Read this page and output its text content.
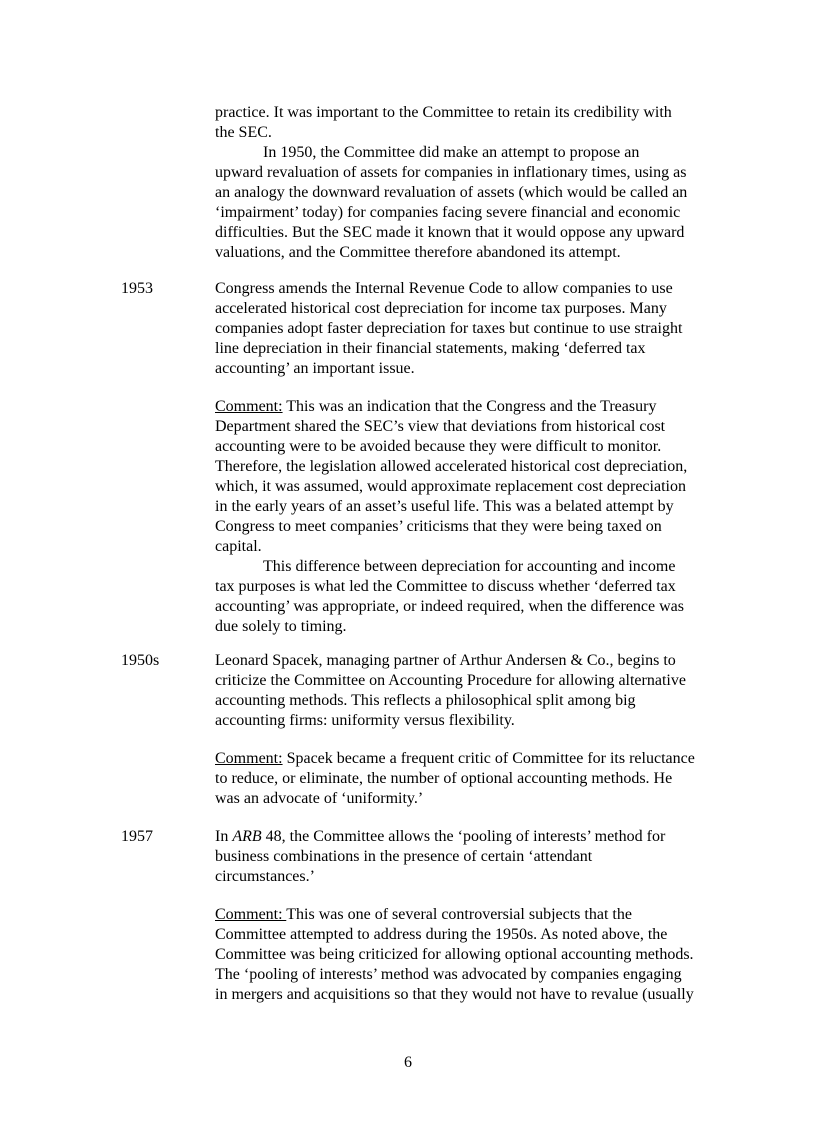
practice. It was important to the Committee to retain its credibility with
the SEC.
In 1950, the Committee did make an attempt to propose an
upward revaluation of assets for companies in inflationary times, using as
an analogy the downward revaluation of assets (which would be called an
‘impairment’ today) for companies facing severe financial and economic
difficulties. But the SEC made it known that it would oppose any upward
valuations, and the Committee therefore abandoned its attempt.
1953	Congress amends the Internal Revenue Code to allow companies to use
accelerated historical cost depreciation for income tax purposes. Many
companies adopt faster depreciation for taxes but continue to use straight
line depreciation in their financial statements, making ‘deferred tax
accounting’ an important issue.
Comment: This was an indication that the Congress and the Treasury
Department shared the SEC’s view that deviations from historical cost
accounting were to be avoided because they were difficult to monitor.
Therefore, the legislation allowed accelerated historical cost depreciation,
which, it was assumed, would approximate replacement cost depreciation
in the early years of an asset’s useful life. This was a belated attempt by
Congress to meet companies’ criticisms that they were being taxed on
capital.
This difference between depreciation for accounting and income
tax purposes is what led the Committee to discuss whether ‘deferred tax
accounting’ was appropriate, or indeed required, when the difference was
due solely to timing.
1950s	Leonard Spacek, managing partner of Arthur Andersen & Co., begins to
criticize the Committee on Accounting Procedure for allowing alternative
accounting methods. This reflects a philosophical split among big
accounting firms: uniformity versus flexibility.
Comment: Spacek became a frequent critic of Committee for its reluctance
to reduce, or eliminate, the number of optional accounting methods. He
was an advocate of ‘uniformity.’
1957	In ARB 48, the Committee allows the ‘pooling of interests’ method for
business combinations in the presence of certain ‘attendant
circumstances.’
Comment: This was one of several controversial subjects that the
Committee attempted to address during the 1950s. As noted above, the
Committee was being criticized for allowing optional accounting methods.
The ‘pooling of interests’ method was advocated by companies engaging
in mergers and acquisitions so that they would not have to revalue (usually
6
